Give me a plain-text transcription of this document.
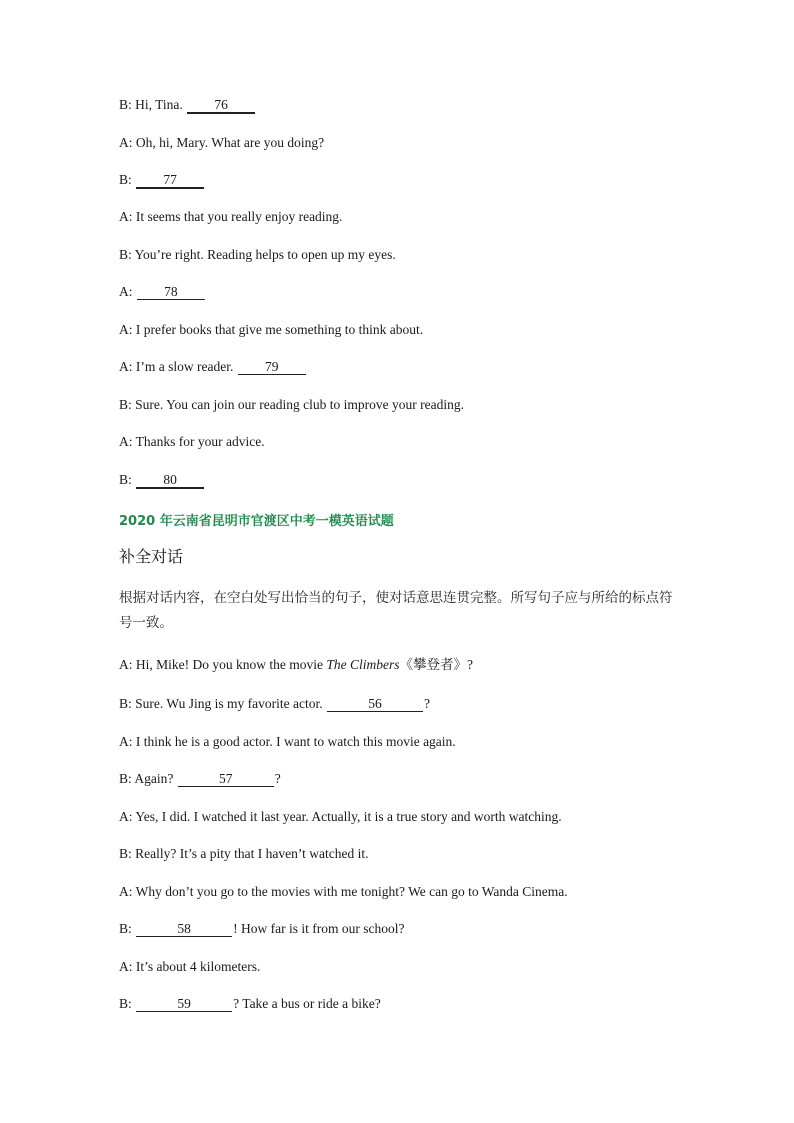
B: Hi, Tina. 76
A: Oh, hi, Mary. What are you doing?
B: 77
A: It seems that you really enjoy reading.
B: You’re right. Reading helps to open up my eyes.
A: 78
A: I prefer books that give me something to think about.
A: I’m a slow reader. 79
B: Sure. You can join our reading club to improve your reading.
A: Thanks for your advice.
B: 80
2020 年云南省昆明市官渡区中考一模英语试题
补全对话
根据对话内容，在空白处写出恰当的句子，使对话意思连贯完整。所写句子应与所给的标点符号一致。
A: Hi, Mike! Do you know the movie The Climbers《攀登者》?
B: Sure. Wu Jing is my favorite actor.	56	?
A: I think he is a good actor. I want to watch this movie again.
B: Again?	57	?
A: Yes, I did. I watched it last year. Actually, it is a true story and worth watching.
B: Really? It’s a pity that I haven’t watched it.
A: Why don’t you go to the movies with me tonight? We can go to Wanda Cinema.
B:	58	! How far is it from our school?
A: It’s about 4 kilometers.
B:	59	? Take a bus or ride a bike?
